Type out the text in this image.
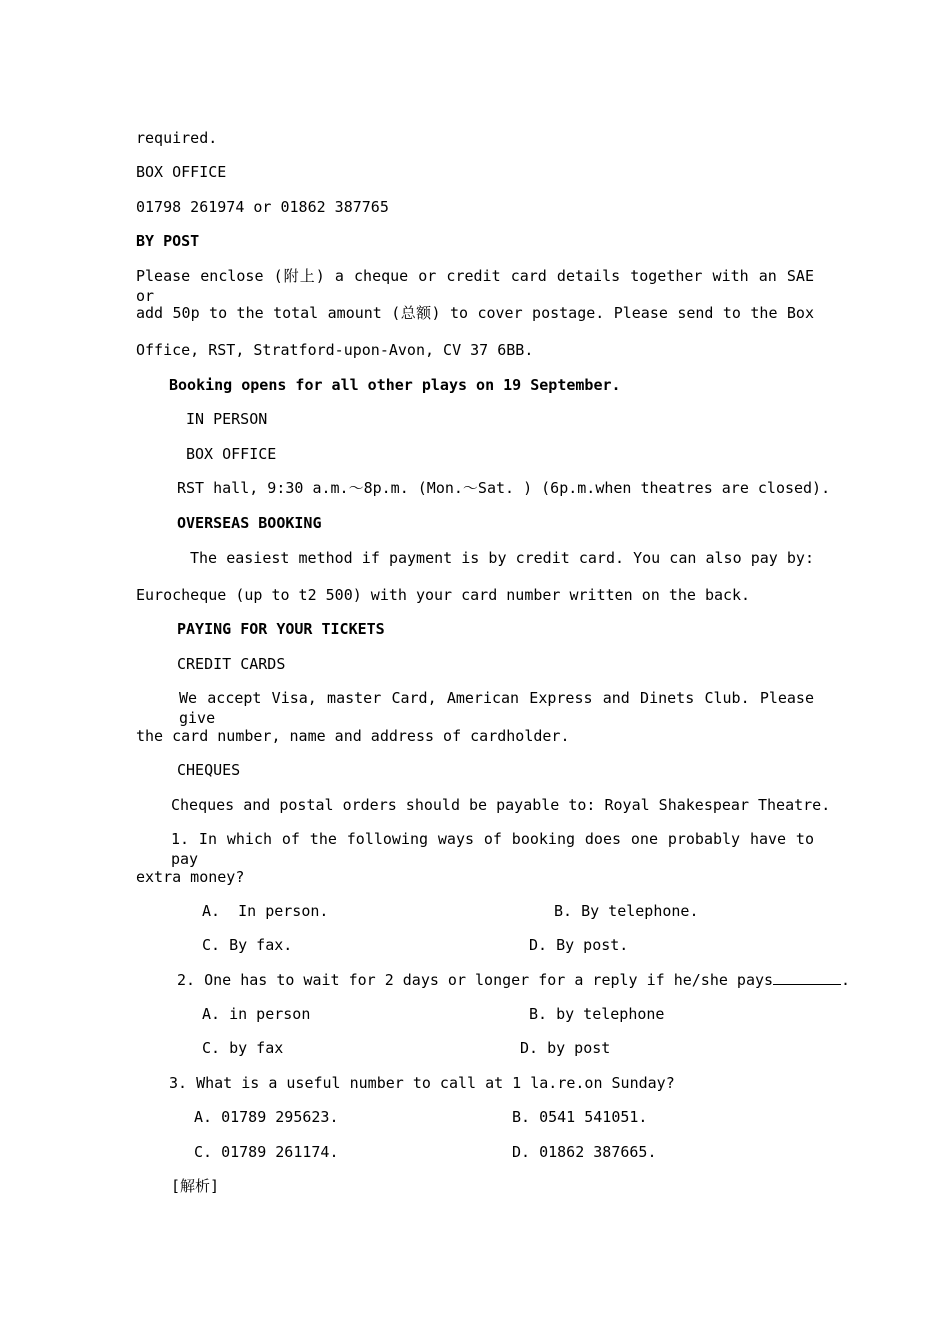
required.
BOX OFFICE
01798 261974 or 01862 387765
BY POST
Please enclose (附上) a cheque or credit card details together with an SAE or
add 50p to the total amount (总额) to cover postage. Please send to the Box
Office, RST, Stratford-upon-Avon, CV 37 6BB.
Booking opens for all other plays on 19 September.
IN PERSON
BOX OFFICE
RST hall, 9:30 a.m.～8p.m. (Mon.～Sat. ) (6p.m.when theatres are closed).
OVERSEAS BOOKING
The easiest method if payment is by credit card. You can also pay by:
Eurocheque (up to t2 500) with your card number written on the back.
PAYING FOR YOUR TICKETS
CREDIT CARDS
We accept Visa, master Card, American Express and Dinets Club. Please give
the card number, name and address of cardholder.
CHEQUES
Cheques and postal orders should be payable to: Royal Shakespear Theatre.
1. In which of the following ways of booking does one probably have to pay
extra money?
A.  In person.	B. By telephone.
C. By fax.	D. By post.
2. One has to wait for 2 days or longer for a reply if he/she pays	.
A. in person	B. by telephone
C. by fax	D. by post
3. What is a useful number to call at 1 la.re.on Sunday?
A. 01789 295623.	B. 0541 541051.
C. 01789 261174.	D. 01862 387665.
[解析]
